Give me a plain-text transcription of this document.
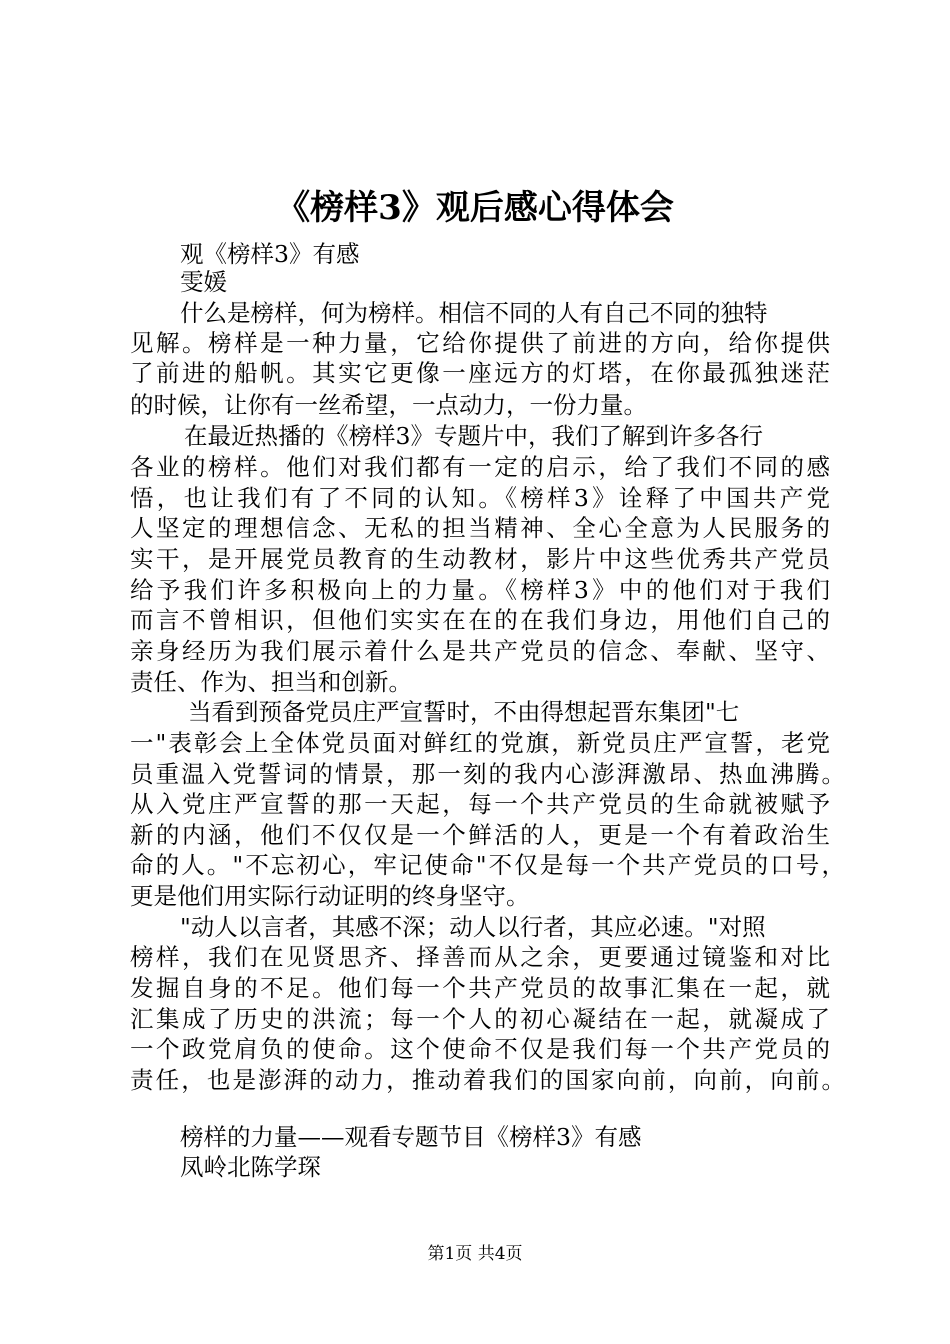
《榜样3》观后感心得体会
观《榜样3》有感
雯媛
什么是榜样，何为榜样。相信不同的人有自己不同的独特
见解。榜样是一种力量，它给你提供了前进的方向，给你提供
了前进的船帆。其实它更像一座远方的灯塔，在你最孤独迷茫
的时候，让你有一丝希望，一点动力，一份力量。
在最近热播的《榜样3》专题片中，我们了解到许多各行
各业的榜样。他们对我们都有一定的启示，给了我们不同的感
悟，也让我们有了不同的认知。《榜样3》诠释了中国共产党
人坚定的理想信念、无私的担当精神、全心全意为人民服务的
实干，是开展党员教育的生动教材，影片中这些优秀共产党员
给予我们许多积极向上的力量。《榜样3》中的他们对于我们
而言不曾相识，但他们实实在在的在我们身边，用他们自己的
亲身经历为我们展示着什么是共产党员的信念、奉献、坚守、
责任、作为、担当和创新。
当看到预备党员庄严宣誓时，不由得想起晋东集团"七
一"表彰会上全体党员面对鲜红的党旗，新党员庄严宣誓，老党
员重温入党誓词的情景，那一刻的我内心澎湃激昂、热血沸腾。
从入党庄严宣誓的那一天起，每一个共产党员的生命就被赋予
新的内涵，他们不仅仅是一个鲜活的人，更是一个有着政治生
命的人。"不忘初心，牢记使命"不仅是每一个共产党员的口号，
更是他们用实际行动证明的终身坚守。
"动人以言者，其感不深；动人以行者，其应必速。"对照
榜样，我们在见贤思齐、择善而从之余，更要通过镜鉴和对比
发掘自身的不足。他们每一个共产党员的故事汇集在一起，就
汇集成了历史的洪流；每一个人的初心凝结在一起，就凝成了
一个政党肩负的使命。这个使命不仅是我们每一个共产党员的
责任，也是澎湃的动力，推动着我们的国家向前，向前，向前。
榜样的力量——观看专题节目《榜样3》有感
凤岭北陈学琛
第1页 共4页
